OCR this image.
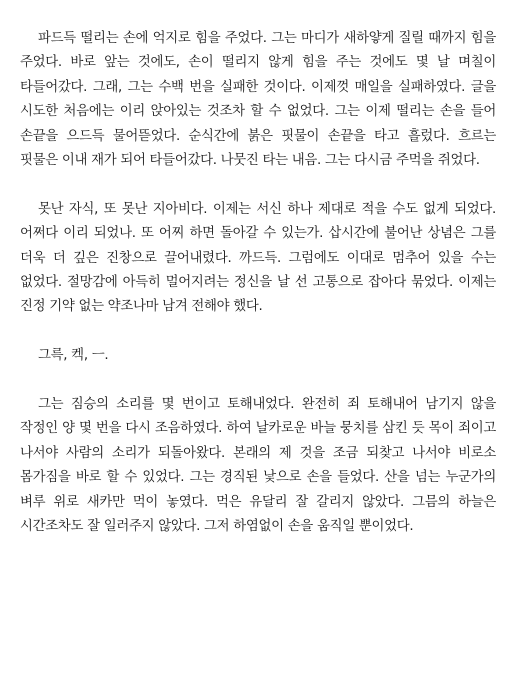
파드득 떨리는 손에 억지로 힘을 주었다. 그는 마디가 새하얗게 질릴 때까지 힘을 주었다. 바로 앞는 것에도, 손이 떨리지 않게 힘을 주는 것에도 몇 날 며칠이 타들어갔다. 그래, 그는 수백 번을 실패한 것이다. 이제껏 매일을 실패하였다. 글을 시도한 처음에는 이리 앉아있는 것조차 할 수 없었다. 그는 이제 떨리는 손을 들어 손끝을 으드득 물어뜯었다. 순식간에 붉은 핏물이 손끝을 타고 흘렀다. 흐르는 핏물은 이내 재가 되어 타들어갔다. 나뭇진 타는 내음. 그는 다시금 주먹을 쥐었다.

못난 자식, 또 못난 지아비다. 이제는 서신 하나 제대로 적을 수도 없게 되었다. 어쩌다 이리 되었나. 또 어찌 하면 돌아갈 수 있는가. 삽시간에 불어난 상념은 그를 더욱 더 깊은 진창으로 끌어내렸다. 까드득. 그럼에도 이대로 멈추어 있을 수는 없었다. 절망감에 아득히 멀어지려는 정신을 날 선 고통으로 잡아다 묶었다. 이제는 진정 기약 없는 약조나마 남겨 전해야 했다.

그륵, 켁, ㅡ.

그는 짐승의 소리를 몇 번이고 토해내었다. 완전히 죄 토해내어 남기지 않을 작정인 양 몇 번을 다시 조음하였다. 하여 날카로운 바늘 뭉치를 삼킨 듯 목이 죄이고 나서야 사람의 소리가 되돌아왔다. 본래의 제 것을 조금 되찾고 나서야 비로소 몸가짐을 바로 할 수 있었다. 그는 경직된 낯으로 손을 들었다. 산을 넘는 누군가의 벼루 위로 새카만 먹이 놓였다. 먹은 유달리 잘 갈리지 않았다. 그믐의 하늘은 시간조차도 잘 일러주지 않았다. 그저 하염없이 손을 움직일 뿐이었다.
